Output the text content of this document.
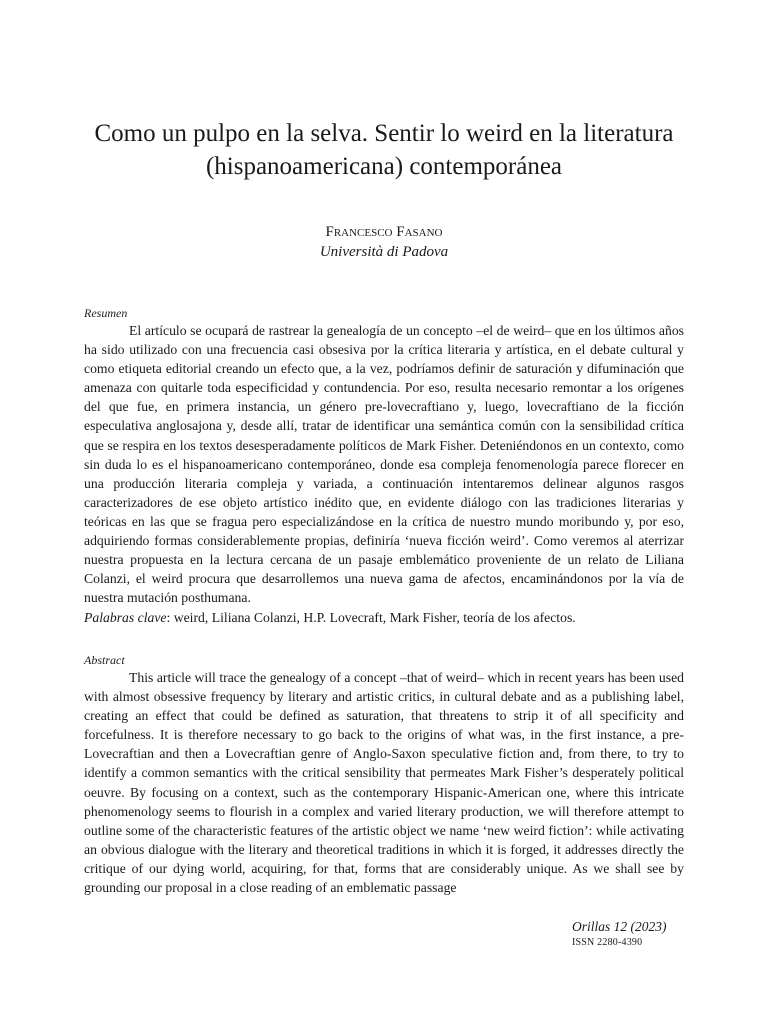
Como un pulpo en la selva. Sentir lo weird en la literatura (hispanoamericana) contemporánea
Francesco Fasano
Università di Padova
Resumen

El artículo se ocupará de rastrear la genealogía de un concepto –el de weird– que en los últimos años ha sido utilizado con una frecuencia casi obsesiva por la crítica literaria y artística, en el debate cultural y como etiqueta editorial creando un efecto que, a la vez, podríamos definir de saturación y difuminación que amenaza con quitarle toda especificidad y contundencia. Por eso, resulta necesario remontar a los orígenes del que fue, en primera instancia, un género pre-lovecraftiano y, luego, lovecraftiano de la ficción especulativa anglosajona y, desde allí, tratar de identificar una semántica común con la sensibilidad crítica que se respira en los textos desesperadamente políticos de Mark Fisher. Deteniéndonos en un contexto, como sin duda lo es el hispanoamericano contemporáneo, donde esa compleja fenomenología parece florecer en una producción literaria compleja y variada, a continuación intentaremos delinear algunos rasgos caracterizadores de ese objeto artístico inédito que, en evidente diálogo con las tradiciones literarias y teóricas en las que se fragua pero especializándose en la crítica de nuestro mundo moribundo y, por eso, adquiriendo formas considerablemente propias, definiría ‘nueva ficción weird’. Como veremos al aterrizar nuestra propuesta en la lectura cercana de un pasaje emblemático proveniente de un relato de Liliana Colanzi, el weird procura que desarrollemos una nueva gama de afectos, encaminándonos por la vía de nuestra mutación posthumana.

Palabras clave: weird, Liliana Colanzi, H.P. Lovecraft, Mark Fisher, teoría de los afectos.
Abstract

This article will trace the genealogy of a concept –that of weird– which in recent years has been used with almost obsessive frequency by literary and artistic critics, in cultural debate and as a publishing label, creating an effect that could be defined as saturation, that threatens to strip it of all specificity and forcefulness. It is therefore necessary to go back to the origins of what was, in the first instance, a pre-Lovecraftian and then a Lovecraftian genre of Anglo-Saxon speculative fiction and, from there, to try to identify a common semantics with the critical sensibility that permeates Mark Fisher’s desperately political oeuvre. By focusing on a context, such as the contemporary Hispanic-American one, where this intricate phenomenology seems to flourish in a complex and varied literary production, we will therefore attempt to outline some of the characteristic features of the artistic object we name ‘new weird fiction’: while activating an obvious dialogue with the literary and theoretical traditions in which it is forged, it addresses directly the critique of our dying world, acquiring, for that, forms that are considerably unique. As we shall see by grounding our proposal in a close reading of an emblematic passage

Orillas 12 (2023)
ISSN 2280-4390
